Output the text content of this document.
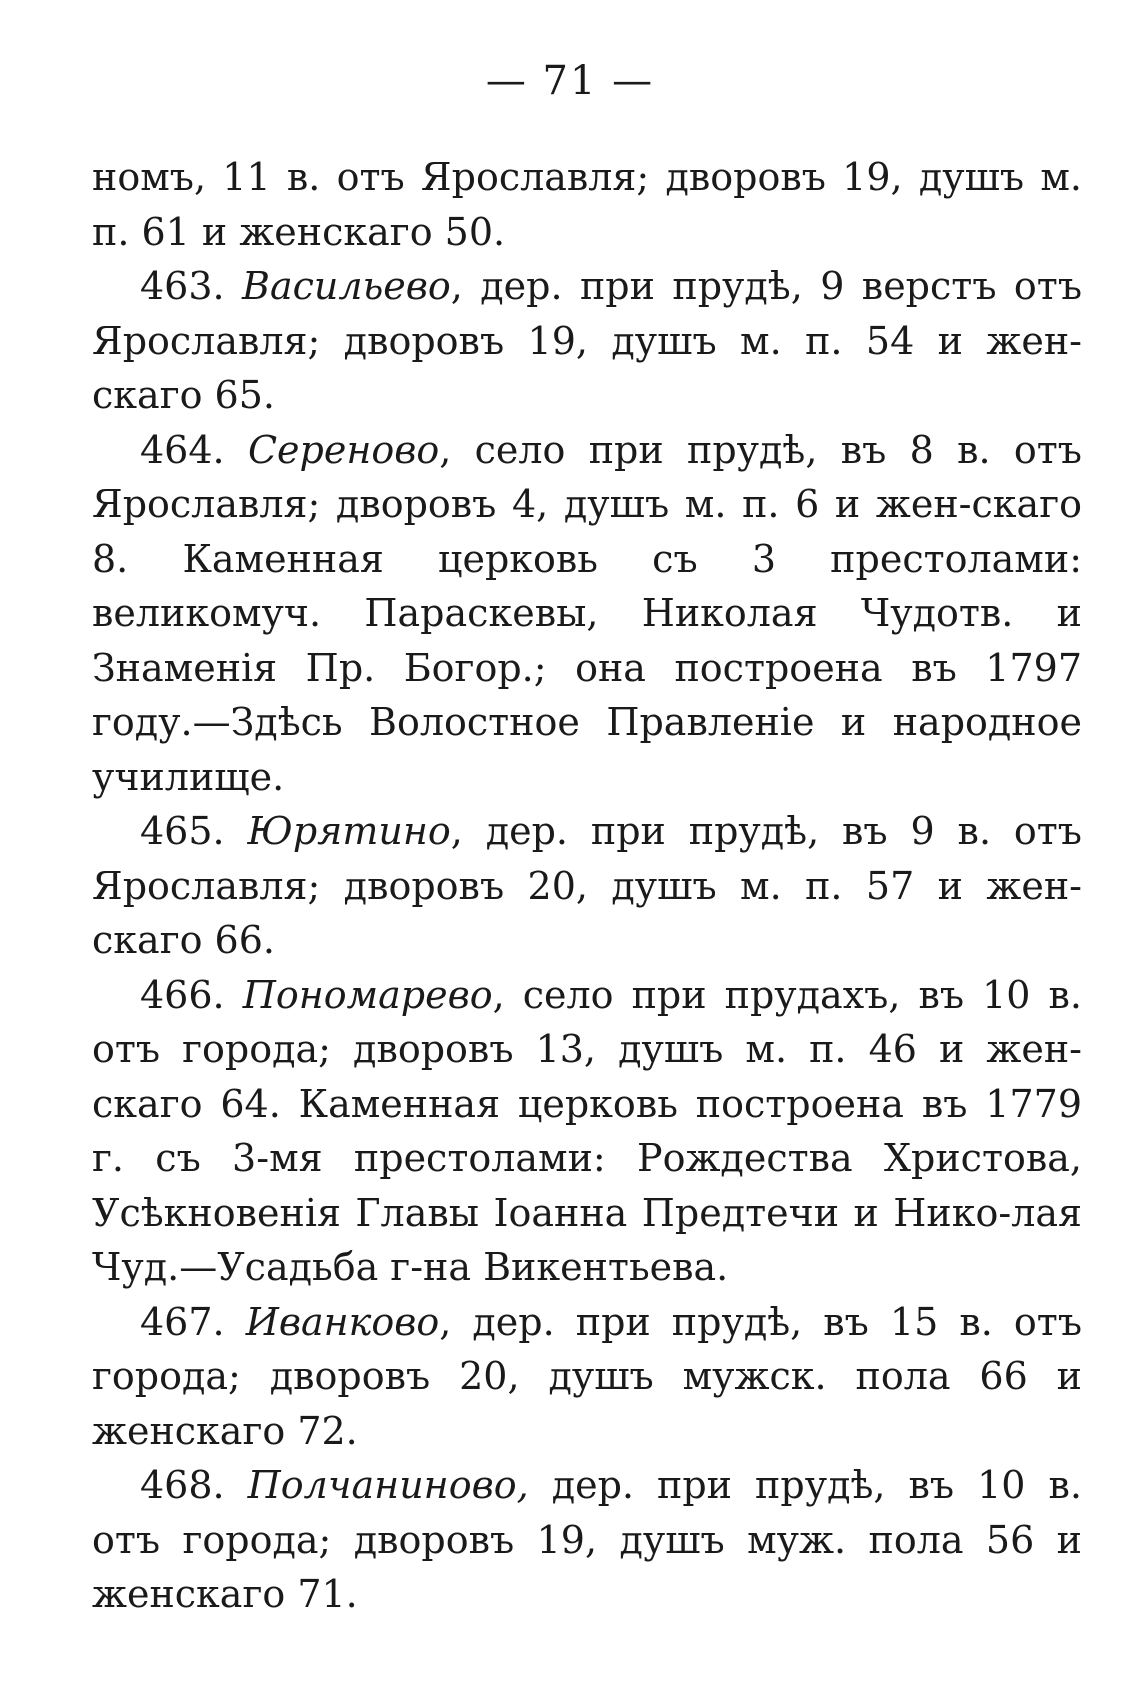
— 71 —

номъ, 11 в. отъ Ярославля; дворовъ 19, душъ м. п. 61 и женскаго 50.

463. Васильево, дер. при прудѣ, 9 верстъ отъ Ярославля; дворовъ 19, душъ м. п. 54 и жен-скаго 65.

464. Сереново, село при прудѣ, въ 8 в. отъ Ярославля; дворовъ 4, душъ м. п. 6 и жен-скаго 8. Каменная церковь съ 3 престолами: великомуч. Параскевы, Николая Чудотв. и Знаменія Пр. Богор.; она построена въ 1797 году.—Здѣсь Волостное Правленіе и народное училище.

465. Юрятино, дер. при прудѣ, въ 9 в. отъ Ярославля; дворовъ 20, душъ м. п. 57 и жен-скаго 66.

466. Пономарево, село при прудахъ, въ 10 в. отъ города; дворовъ 13, душъ м. п. 46 и жен-скаго 64. Каменная церковь построена въ 1779 г. съ 3-мя престолами: Рождества Христова, Усѣкновенія Главы Іоанна Предтечи и Нико-лая Чуд.—Усадьба г-на Викентьева.

467. Иванково, дер. при прудѣ, въ 15 в. отъ города; дворовъ 20, душъ мужск. пола 66 и женскаго 72.

468. Полчаниново, дер. при прудѣ, въ 10 в. отъ города; дворовъ 19, душъ муж. пола 56 и женскаго 71.
